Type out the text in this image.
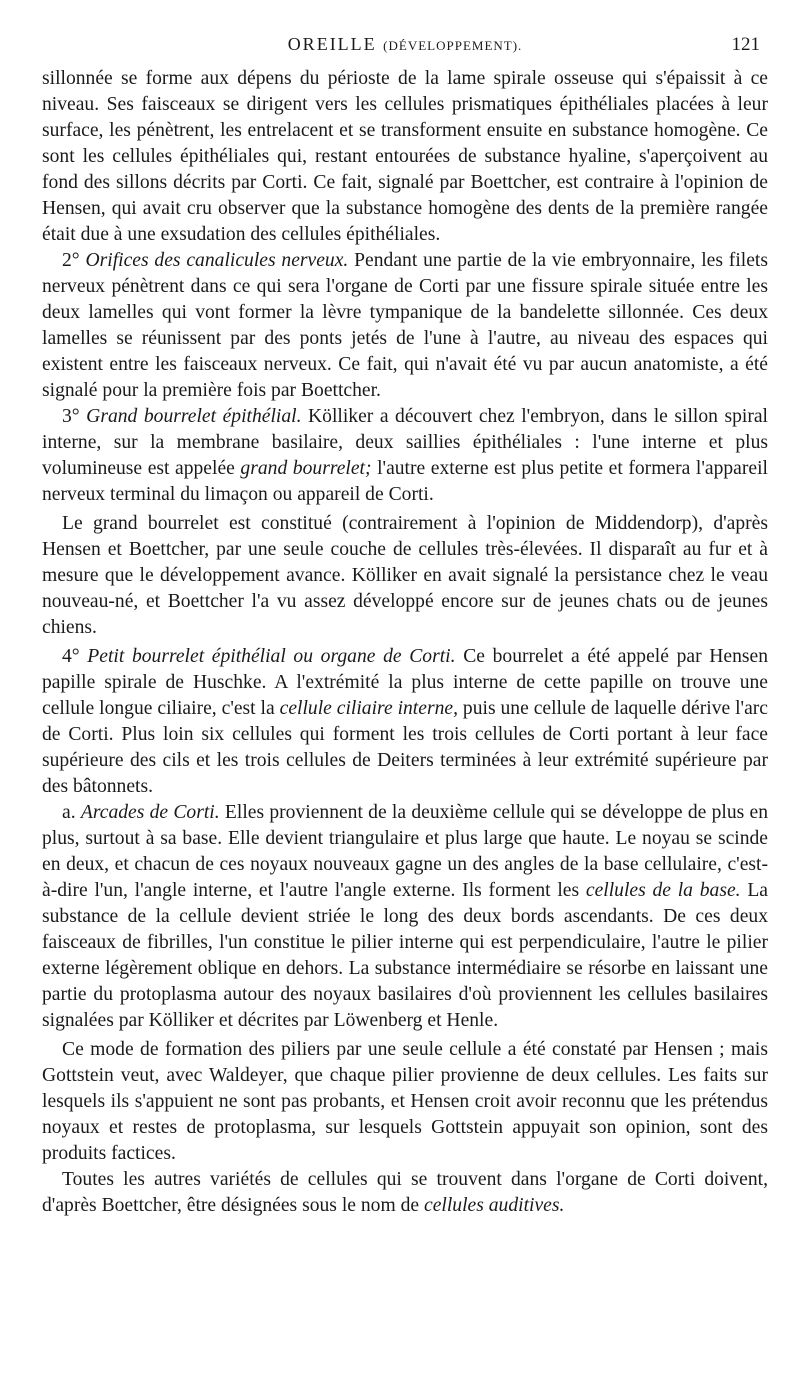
OREILLE (DÉVELOPPEMENT).	121

sillonnée se forme aux dépens du périoste de la lame spirale osseuse qui s'épaissit à ce niveau. Ses faisceaux se dirigent vers les cellules prismatiques épithéliales placées à leur surface, les pénètrent, les entrelacent et se transforment ensuite en substance homogène. Ce sont les cellules épithéliales qui, restant entourées de substance hyaline, s'aperçoivent au fond des sillons décrits par Corti. Ce fait, signalé par Boettcher, est contraire à l'opinion de Hensen, qui avait cru observer que la substance homogène des dents de la première rangée était due à une exsudation des cellules épithéliales.

2° Orifices des canalicules nerveux. Pendant une partie de la vie embryonnaire, les filets nerveux pénètrent dans ce qui sera l'organe de Corti par une fissure spirale située entre les deux lamelles qui vont former la lèvre tympanique de la bandelette sillonnée. Ces deux lamelles se réunissent par des ponts jetés de l'une à l'autre, au niveau des espaces qui existent entre les faisceaux nerveux. Ce fait, qui n'avait été vu par aucun anatomiste, a été signalé pour la première fois par Boettcher.

3° Grand bourrelet épithélial. Kölliker a découvert chez l'embryon, dans le sillon spiral interne, sur la membrane basilaire, deux saillies épithéliales : l'une interne et plus volumineuse est appelée grand bourrelet; l'autre externe est plus petite et formera l'appareil nerveux terminal du limaçon ou appareil de Corti.

Le grand bourrelet est constitué (contrairement à l'opinion de Middendorp), d'après Hensen et Boettcher, par une seule couche de cellules très-élevées. Il disparaît au fur et à mesure que le développement avance. Kölliker en avait signalé la persistance chez le veau nouveau-né, et Boettcher l'a vu assez développé encore sur de jeunes chats ou de jeunes chiens.

4° Petit bourrelet épithélial ou organe de Corti. Ce bourrelet a été appelé par Hensen papille spirale de Huschke. A l'extrémité la plus interne de cette papille on trouve une cellule longue ciliaire, c'est la cellule ciliaire interne, puis une cellule de laquelle dérive l'arc de Corti. Plus loin six cellules qui forment les trois cellules de Corti portant à leur face supérieure des cils et les trois cellules de Deiters terminées à leur extrémité supérieure par des bâtonnets.

a. Arcades de Corti. Elles proviennent de la deuxième cellule qui se développe de plus en plus, surtout à sa base. Elle devient triangulaire et plus large que haute. Le noyau se scinde en deux, et chacun de ces noyaux nouveaux gagne un des angles de la base cellulaire, c'est-à-dire l'un, l'angle interne, et l'autre l'angle externe. Ils forment les cellules de la base. La substance de la cellule devient striée le long des deux bords ascendants. De ces deux faisceaux de fibrilles, l'un constitue le pilier interne qui est perpendiculaire, l'autre le pilier externe légèrement oblique en dehors. La substance intermédiaire se résorbe en laissant une partie du protoplasma autour des noyaux basilaires d'où proviennent les cellules basilaires signalées par Kölliker et décrites par Löwenberg et Henle.

Ce mode de formation des piliers par une seule cellule a été constaté par Hensen ; mais Gottstein veut, avec Waldeyer, que chaque pilier provienne de deux cellules. Les faits sur lesquels ils s'appuient ne sont pas probants, et Hensen croit avoir reconnu que les prétendus noyaux et restes de protoplasma, sur lesquels Gottstein appuyait son opinion, sont des produits factices.

Toutes les autres variétés de cellules qui se trouvent dans l'organe de Corti doivent, d'après Boettcher, être désignées sous le nom de cellules auditives.
